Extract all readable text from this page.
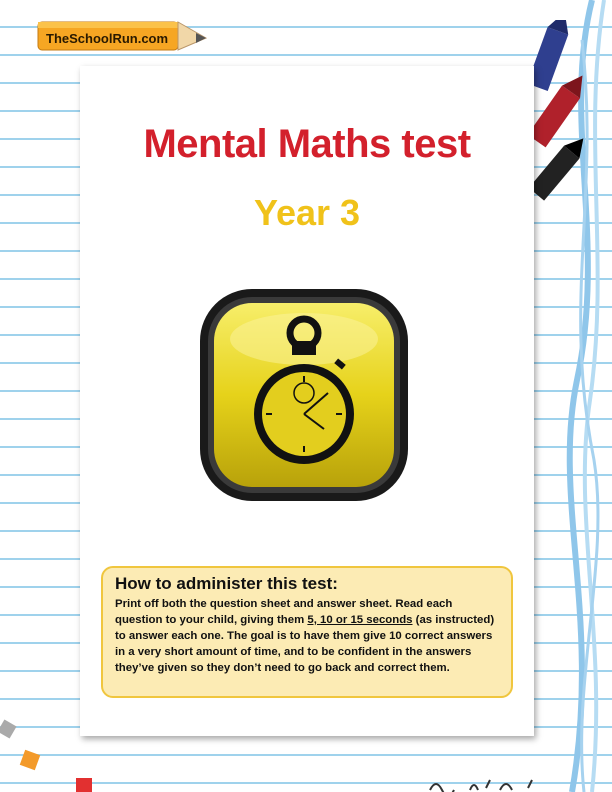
TheSchoolRun.com
Mental Maths test
Year 3
How to administer this test:
Print off both the question sheet and answer sheet. Read each question to your child, giving them 5, 10 or 15 seconds (as instructed) to answer each one. The goal is to have them give 10 correct answers in a very short amount of time, and to be confident in the answers they’ve given so they don’t need to go back and correct them.
